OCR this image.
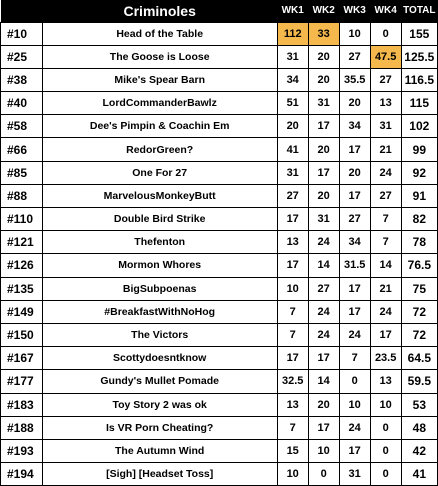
	Criminoles	WK1	WK2	WK3	WK4	TOTAL
#10	Head of the Table	112	33	10	0	155
#25	The Goose is Loose	31	20	27	47.5	125.5
#38	Mike's Spear Barn	34	20	35.5	27	116.5
#40	LordCommanderBawlz	51	31	20	13	115
#58	Dee's Pimpin & Coachin Em	20	17	34	31	102
#66	RedorGreen?	41	20	17	21	99
#85	One For 27	31	17	20	24	92
#88	MarvelousMonkeyButt	27	20	17	27	91
#110	Double Bird Strike	17	31	27	7	82
#121	Thefenton	13	24	34	7	78
#126	Mormon Whores	17	14	31.5	14	76.5
#135	BigSubpoenas	10	27	17	21	75
#149	#BreakfastWithNoHog	7	24	17	24	72
#150	The Victors	7	24	24	17	72
#167	Scottydoesntknow	17	17	7	23.5	64.5
#177	Gundy's Mullet Pomade	32.5	14	0	13	59.5
#183	Toy Story 2 was ok	13	20	10	10	53
#188	Is VR Porn Cheating?	7	17	24	0	48
#193	The Autumn Wind	15	10	17	0	42
#194	[Sigh] [Headset Toss]	10	0	31	0	41
